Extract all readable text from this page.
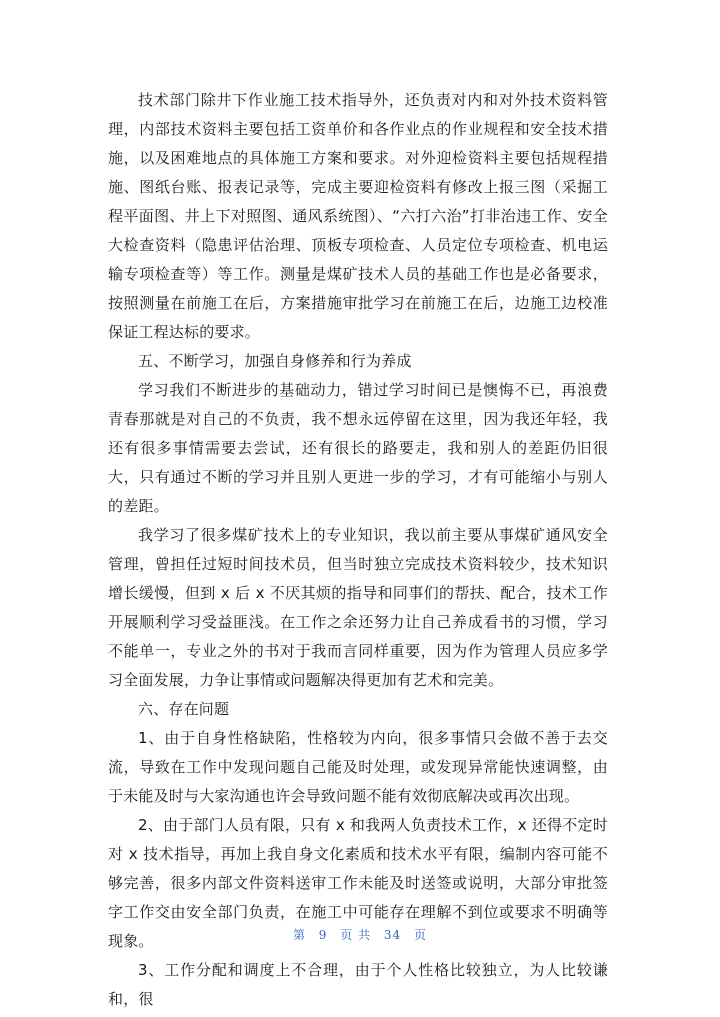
技术部门除井下作业施工技术指导外，还负责对内和对外技术资料管理，内部技术资料主要包括工资单价和各作业点的作业规程和安全技术措施，以及困难地点的具体施工方案和要求。对外迎检资料主要包括规程措施、图纸台账、报表记录等，完成主要迎检资料有修改上报三图（采掘工程平面图、井上下对照图、通风系统图）、“六打六治”打非治违工作、安全大检查资料（隐患评估治理、顶板专项检查、人员定位专项检查、机电运输专项检查等）等工作。测量是煤矿技术人员的基础工作也是必备要求，按照测量在前施工在后，方案措施审批学习在前施工在后，边施工边校准保证工程达标的要求。

五、不断学习，加强自身修养和行为养成

学习我们不断进步的基础动力，错过学习时间已是懊悔不已，再浪费青春那就是对自己的不负责，我不想永远停留在这里，因为我还年轻，我还有很多事情需要去尝试，还有很长的路要走，我和别人的差距仍旧很大，只有通过不断的学习并且别人更进一步的学习，才有可能缩小与别人的差距。

我学习了很多煤矿技术上的专业知识，我以前主要从事煤矿通风安全管理，曾担任过短时间技术员，但当时独立完成技术资料较少，技术知识增长缓慢，但到 x 后 x 不厌其烦的指导和同事们的帮扶、配合，技术工作开展顺利学习受益匪浅。在工作之余还努力让自己养成看书的习惯，学习不能单一，专业之外的书对于我而言同样重要，因为作为管理人员应多学习全面发展，力争让事情或问题解决得更加有艺术和完美。

六、存在问题

1、由于自身性格缺陷，性格较为内向，很多事情只会做不善于去交流，导致在工作中发现问题自己能及时处理，或发现异常能快速调整，由于未能及时与大家沟通也许会导致问题不能有效彻底解决或再次出现。

2、由于部门人员有限，只有 x 和我两人负责技术工作，x 还得不定时对 x 技术指导，再加上我自身文化素质和技术水平有限，编制内容可能不够完善，很多内部文件资料送审工作未能及时送签或说明，大部分审批签字工作交由安全部门负责，在施工中可能存在理解不到位或要求不明确等现象。

3、工作分配和调度上不合理，由于个人性格比较独立，为人比较谦和，很

第 9 页 共 34 页
